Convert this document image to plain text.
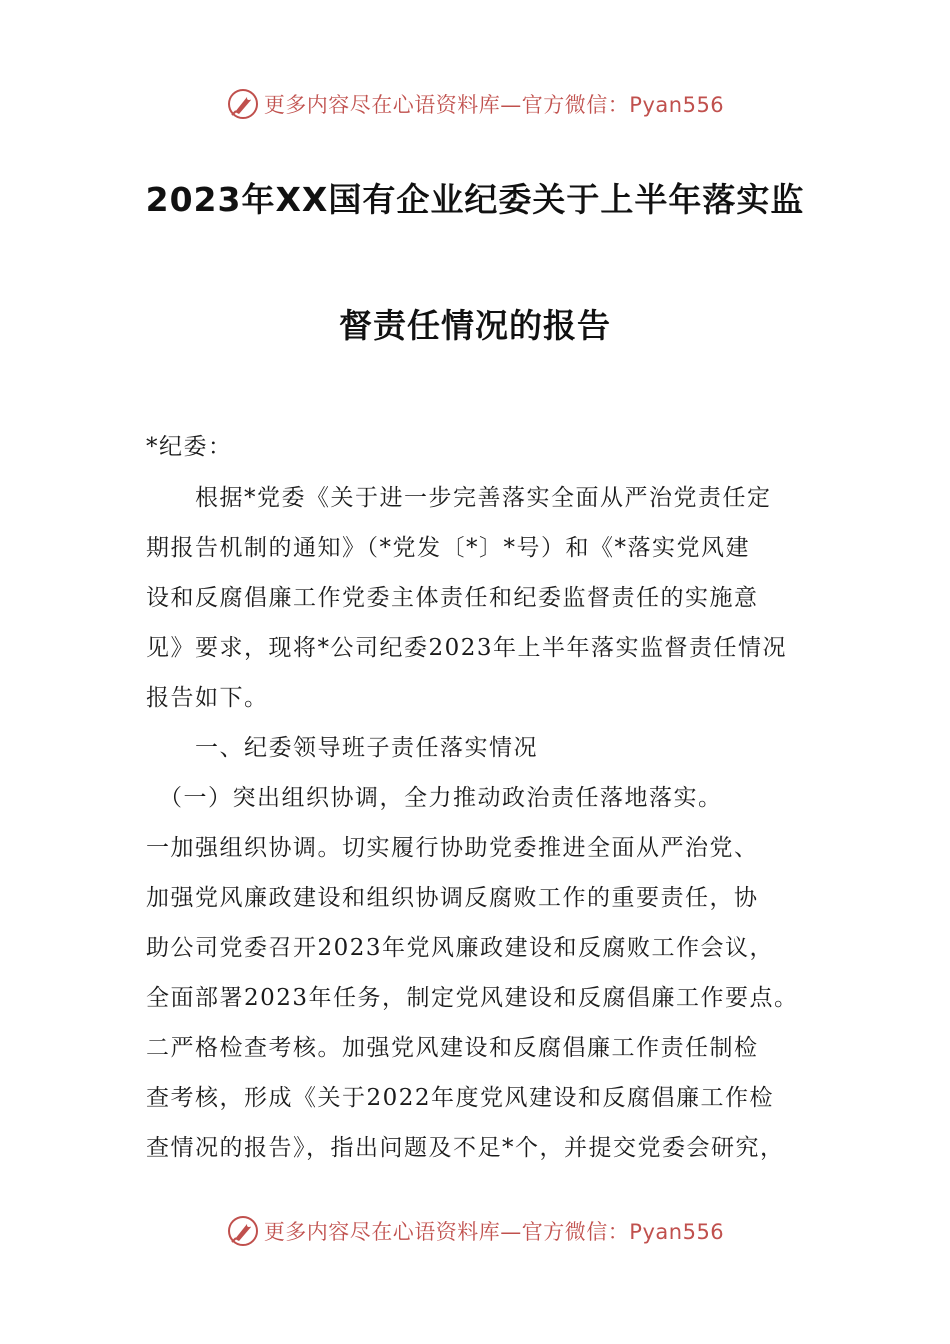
更多内容尽在心语资料库—官方微信：Pyan556
2023年XX国有企业纪委关于上半年落实监
督责任情况的报告
*纪委：
　　根据*党委《关于进一步完善落实全面从严治党责任定
期报告机制的通知》（*党发〔*〕*号）和《*落实党风建
设和反腐倡廉工作党委主体责任和纪委监督责任的实施意
见》要求，现将*公司纪委2023年上半年落实监督责任情况
报告如下。
　　一、纪委领导班子责任落实情况
　（一）突出组织协调，全力推动政治责任落地落实。
一加强组织协调。切实履行协助党委推进全面从严治党、
加强党风廉政建设和组织协调反腐败工作的重要责任，协
助公司党委召开2023年党风廉政建设和反腐败工作会议，
全面部署2023年任务，制定党风建设和反腐倡廉工作要点。
二严格检查考核。加强党风建设和反腐倡廉工作责任制检
查考核，形成《关于2022年度党风建设和反腐倡廉工作检
查情况的报告》，指出问题及不足*个，并提交党委会研究，
更多内容尽在心语资料库—官方微信：Pyan556
